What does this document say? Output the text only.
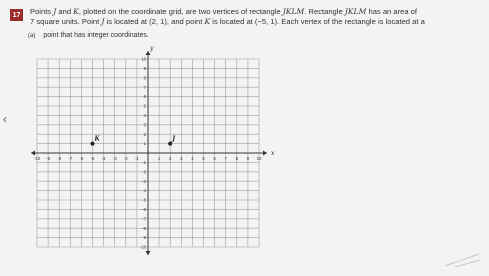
17	Points J and K, plotted on the coordinate grid, are two vertices of rectangle JKLM. Rectangle JKLM has an area of
7 square units. Point J is located at (2, 1), and point K is located at (−5, 1). Each vertex of the rectangle is located at a
(a) point that has integer coordinates.
‹
x
y
-10 -9 -8 -7 -6 -5 -4 -3 -2 -1	1 2 3 4 5 6 7 8 9 10
10
9
8
7
6
5
4
3
2
1
-1
-2
-3
-4
-5
-6
-7
-8
-9
-10
J
K
